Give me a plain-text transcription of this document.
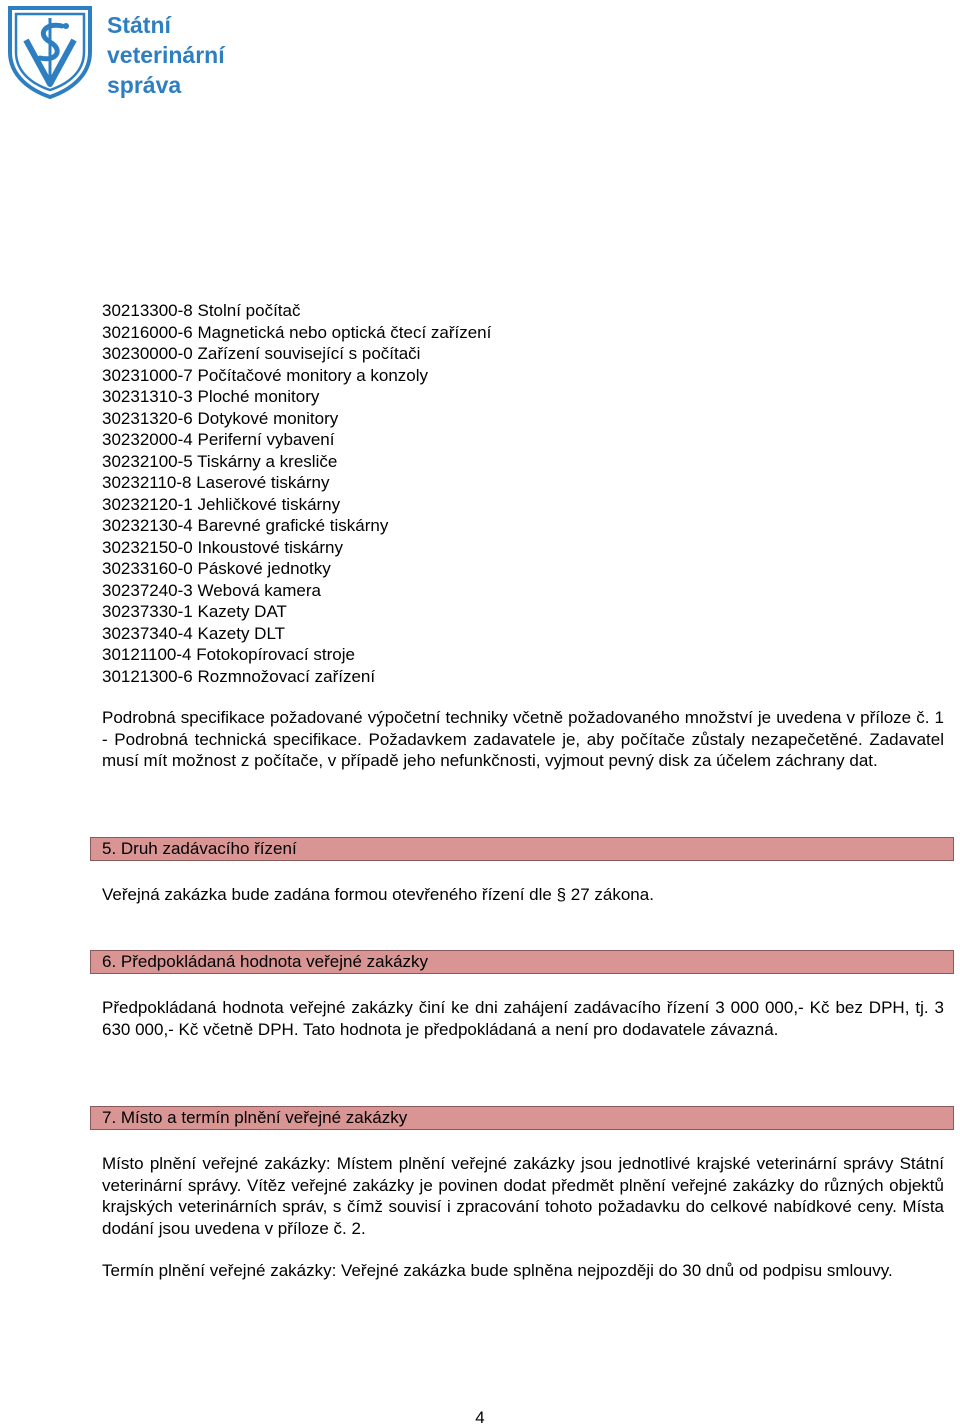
Státní
veterinární
správa
30213300-8 Stolní počítač
30216000-6 Magnetická nebo optická čtecí zařízení
30230000-0 Zařízení související s počítači
30231000-7 Počítačové monitory a konzoly
30231310-3 Ploché monitory
30231320-6 Dotykové monitory
30232000-4 Periferní vybavení
30232100-5 Tiskárny a kresliče
30232110-8 Laserové tiskárny
30232120-1 Jehličkové tiskárny
30232130-4 Barevné grafické tiskárny
30232150-0 Inkoustové tiskárny
30233160-0 Páskové jednotky
30237240-3 Webová kamera
30237330-1 Kazety DAT
30237340-4 Kazety DLT
30121100-4 Fotokopírovací stroje
30121300-6 Rozmnožovací zařízení

Podrobná specifikace požadované výpočetní techniky včetně požadovaného množství je uvedena v příloze č. 1 - Podrobná technická specifikace. Požadavkem zadavatele je, aby počítače zůstaly nezapečetěné. Zadavatel musí mít možnost z počítače, v případě jeho nefunkčnosti, vyjmout pevný disk za účelem záchrany dat.

5. Druh zadávacího řízení

Veřejná zakázka bude zadána formou otevřeného řízení dle § 27 zákona.

6. Předpokládaná hodnota veřejné zakázky

Předpokládaná hodnota veřejné zakázky činí ke dni zahájení zadávacího řízení 3 000 000,- Kč bez DPH, tj. 3 630 000,- Kč včetně DPH. Tato hodnota je předpokládaná a není pro dodavatele závazná.

7. Místo a termín plnění veřejné zakázky

Místo plnění veřejné zakázky: Místem plnění veřejné zakázky jsou jednotlivé krajské veterinární správy Státní veterinární správy. Vítěz veřejné zakázky je povinen dodat předmět plnění veřejné zakázky do různých objektů krajských veterinárních správ, s čímž souvisí i zpracování tohoto požadavku do celkové nabídkové ceny. Místa dodání jsou uvedena v příloze č. 2.

Termín plnění veřejné zakázky: Veřejné zakázka bude splněna nejpozději do 30 dnů od podpisu smlouvy.

4
